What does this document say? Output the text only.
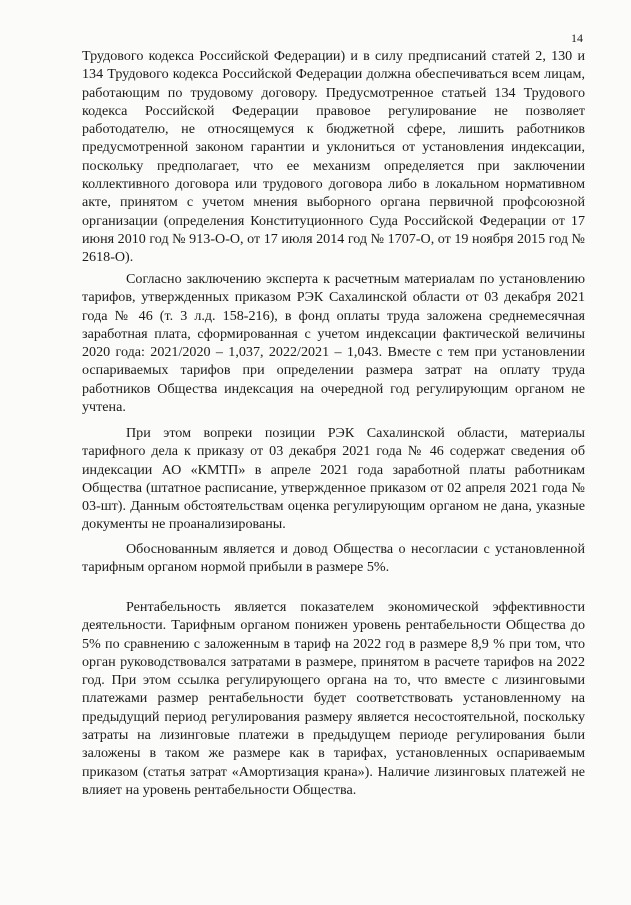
14

Трудового кодекса Российской Федерации) и в силу предписаний статей 2, 130 и 134 Трудового кодекса Российской Федерации должна обеспечиваться всем лицам, работающим по трудовому договору. Предусмотренное статьей 134 Трудового кодекса Российской Федерации правовое регулирование не позволяет работодателю, не относящемуся к бюджетной сфере, лишить работников предусмотренной законом гарантии и уклониться от установления индексации, поскольку предполагает, что ее механизм определяется при заключении коллективного договора или трудового договора либо в локальном нормативном акте, принятом с учетом мнения выборного органа первичной профсоюзной организации (определения Конституционного Суда Российской Федерации от 17 июня 2010 год № 913-О-О, от 17 июля 2014 год № 1707-О, от 19 ноября 2015 год № 2618-О).

Согласно заключению эксперта к расчетным материалам по установлению тарифов, утвержденных приказом РЭК Сахалинской области от 03 декабря 2021 года № 46 (т. 3 л.д. 158-216), в фонд оплаты труда заложена среднемесячная заработная плата, сформированная с учетом индексации фактической величины 2020 года: 2021/2020 – 1,037, 2022/2021 – 1,043. Вместе с тем при установлении оспариваемых тарифов при определении размера затрат на оплату труда работников Общества индексация на очередной год регулирующим органом не учтена.

При этом вопреки позиции РЭК Сахалинской области, материалы тарифного дела к приказу от 03 декабря 2021 года № 46 содержат сведения об индексации АО «КМТП» в апреле 2021 года заработной платы работникам Общества (штатное расписание, утвержденное приказом от 02 апреля 2021 года № 03-шт). Данным обстоятельствам оценка регулирующим органом не дана, указные документы не проанализированы.

Обоснованным является и довод Общества о несогласии с установленной тарифным органом нормой прибыли в размере 5%.

Рентабельность является показателем экономической эффективности деятельности. Тарифным органом понижен уровень рентабельности Общества до 5% по сравнению с заложенным в тариф на 2022 год в размере 8,9 % при том, что орган руководствовался затратами в размере, принятом в расчете тарифов на 2022 год. При этом ссылка регулирующего органа на то, что вместе с лизинговыми платежами размер рентабельности будет соответствовать установленному на предыдущий период регулирования размеру является несостоятельной, поскольку затраты на лизинговые платежи в предыдущем периоде регулирования были заложены в таком же размере как в тарифах, установленных оспариваемым приказом (статья затрат «Амортизация крана»). Наличие лизинговых платежей не влияет на уровень рентабельности Общества.
